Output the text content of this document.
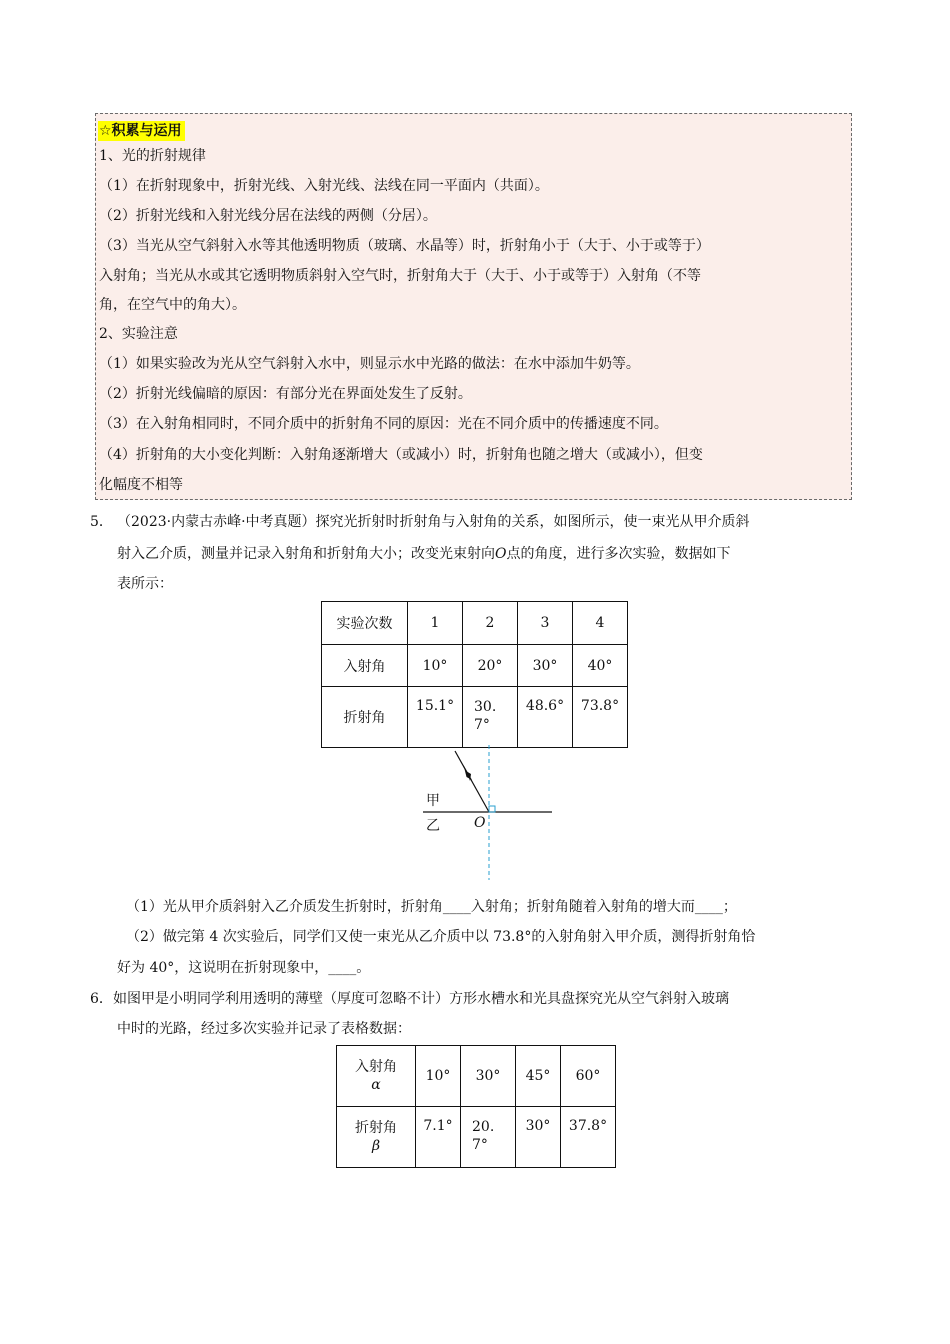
☆积累与运用
1、光的折射规律
（1）在折射现象中，折射光线、入射光线、法线在同一平面内（共面）。
（2）折射光线和入射光线分居在法线的两侧（分居）。
（3）当光从空气斜射入水等其他透明物质（玻璃、水晶等）时，折射角小于（大于、小于或等于）
入射角；当光从水或其它透明物质斜射入空气时，折射角大于（大于、小于或等于）入射角（不等
角，在空气中的角大）。
2、实验注意
（1）如果实验改为光从空气斜射入水中，则显示水中光路的做法：在水中添加牛奶等。
（2）折射光线偏暗的原因：有部分光在界面处发生了反射。
（3）在入射角相同时，不同介质中的折射角不同的原因：光在不同介质中的传播速度不同。
（4）折射角的大小变化判断：入射角逐渐增大（或减小）时，折射角也随之增大（或减小），但变
化幅度不相等
5． （2023·内蒙古赤峰·中考真题）探究光折射时折射角与入射角的关系，如图所示，使一束光从甲介质斜
射入乙介质，测量并记录入射角和折射角大小；改变光束射向O点的角度，进行多次实验，数据如下
表所示：
实验次数	1	2	3	4
入射角	10°	20°	30°	40°
折射角	15.1°	30.7°	48.6°	73.8°
甲
乙 O
（1）光从甲介质斜射入乙介质发生折射时，折射角____入射角；折射角随着入射角的增大而____；
（2）做完第 4 次实验后，同学们又使一束光从乙介质中以 73.8°的入射角射入甲介质，测得折射角恰
好为 40°，这说明在折射现象中，____。
6． 如图甲是小明同学利用透明的薄壁（厚度可忽略不计）方形水槽水和光具盘探究光从空气斜射入玻璃
中时的光路，经过多次实验并记录了表格数据：
入射角
α	10°	30°	45°	60°

折射角
β	7.1°	20.7°	30°	37.8°
